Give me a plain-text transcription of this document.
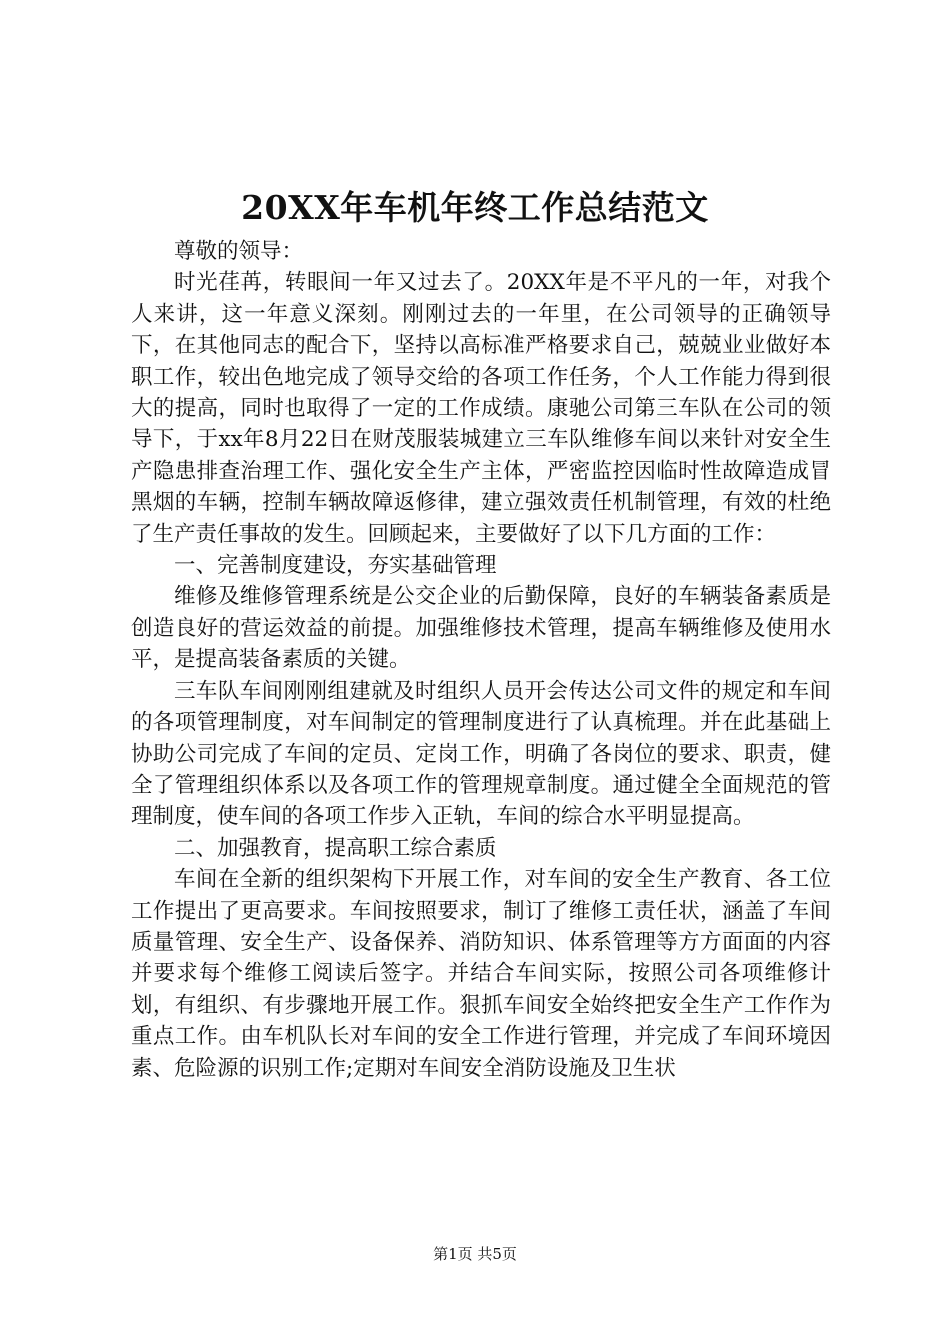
20XX年车机年终工作总结范文

尊敬的领导：

时光荏苒，转眼间一年又过去了。20XX年是不平凡的一年，对我个人来讲，这一年意义深刻。刚刚过去的一年里，在公司领导的正确领导下，在其他同志的配合下，坚持以高标准严格要求自己，兢兢业业做好本职工作，较出色地完成了领导交给的各项工作任务，个人工作能力得到很大的提高，同时也取得了一定的工作成绩。康驰公司第三车队在公司的领导下，于xx年8月22日在财茂服装城建立三车队维修车间以来针对安全生产隐患排查治理工作、强化安全生产主体，严密监控因临时性故障造成冒黑烟的车辆，控制车辆故障返修律，建立强效责任机制管理，有效的杜绝了生产责任事故的发生。回顾起来，主要做好了以下几方面的工作：

一、完善制度建设，夯实基础管理

维修及维修管理系统是公交企业的后勤保障，良好的车辆装备素质是创造良好的营运效益的前提。加强维修技术管理，提高车辆维修及使用水平，是提高装备素质的关键。

三车队车间刚刚组建就及时组织人员开会传达公司文件的规定和车间的各项管理制度，对车间制定的管理制度进行了认真梳理。并在此基础上协助公司完成了车间的定员、定岗工作，明确了各岗位的要求、职责，健全了管理组织体系以及各项工作的管理规章制度。通过健全全面规范的管理制度，使车间的各项工作步入正轨，车间的综合水平明显提高。

二、加强教育，提高职工综合素质

车间在全新的组织架构下开展工作，对车间的安全生产教育、各工位工作提出了更高要求。车间按照要求，制订了维修工责任状，涵盖了车间质量管理、安全生产、设备保养、消防知识、体系管理等方方面面的内容并要求每个维修工阅读后签字。并结合车间实际，按照公司各项维修计划，有组织、有步骤地开展工作。狠抓车间安全始终把安全生产工作作为重点工作。由车机队长对车间的安全工作进行管理，并完成了车间环境因素、危险源的识别工作;定期对车间安全消防设施及卫生状

第1页 共5页
